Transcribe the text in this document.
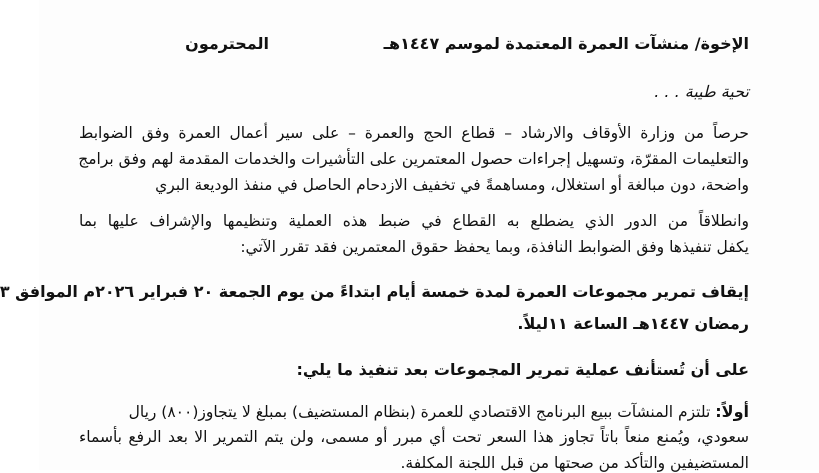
الإخوة/ منشآت العمرة المعتمدة لموسم ١٤٤٧هـ
المحترمون
تحية طيبة . . .
حرصاً من وزارة الأوقاف والارشاد – قطاع الحج والعمرة – على سير أعمال العمرة وفق الضوابط
والتعليمات المقرّة، وتسهيل إجراءات حصول المعتمرين على التأشيرات والخدمات المقدمة لهم وفق برامج
واضحة، دون مبالغة أو استغلال، ومساهمةً في تخفيف الازدحام الحاصل في منفذ الوديعة البري
وانطلاقاً من الدور الذي يضطلع به القطاع في ضبط هذه العملية وتنظيمها والإشراف عليها بما
يكفل تنفيذها وفق الضوابط النافذة، وبما يحفظ حقوق المعتمرين فقد تقرر الآتي:
إيقاف تمرير مجموعات العمرة لمدة خمسة أيام ابتداءً من يوم الجمعة ٢٠ فبراير ٢٠٢٦م الموافق ٣
رمضان ١٤٤٧هـ الساعة ١١ليلاً.
على أن تُستأنف عملية تمرير المجموعات بعد تنفيذ ما يلي:
أولاً: تلتزم المنشآت ببيع البرنامج الاقتصادي للعمرة (بنظام المستضيف) بمبلغ لا يتجاوز(٨٠٠) ريال
سعودي، ويُمنع منعاً باتاً تجاوز هذا السعر تحت أي مبرر أو مسمى، ولن يتم التمرير الا بعد الرفع بأسماء
المستضيفين والتأكد من صحتها من قبل اللجنة المكلفة.
